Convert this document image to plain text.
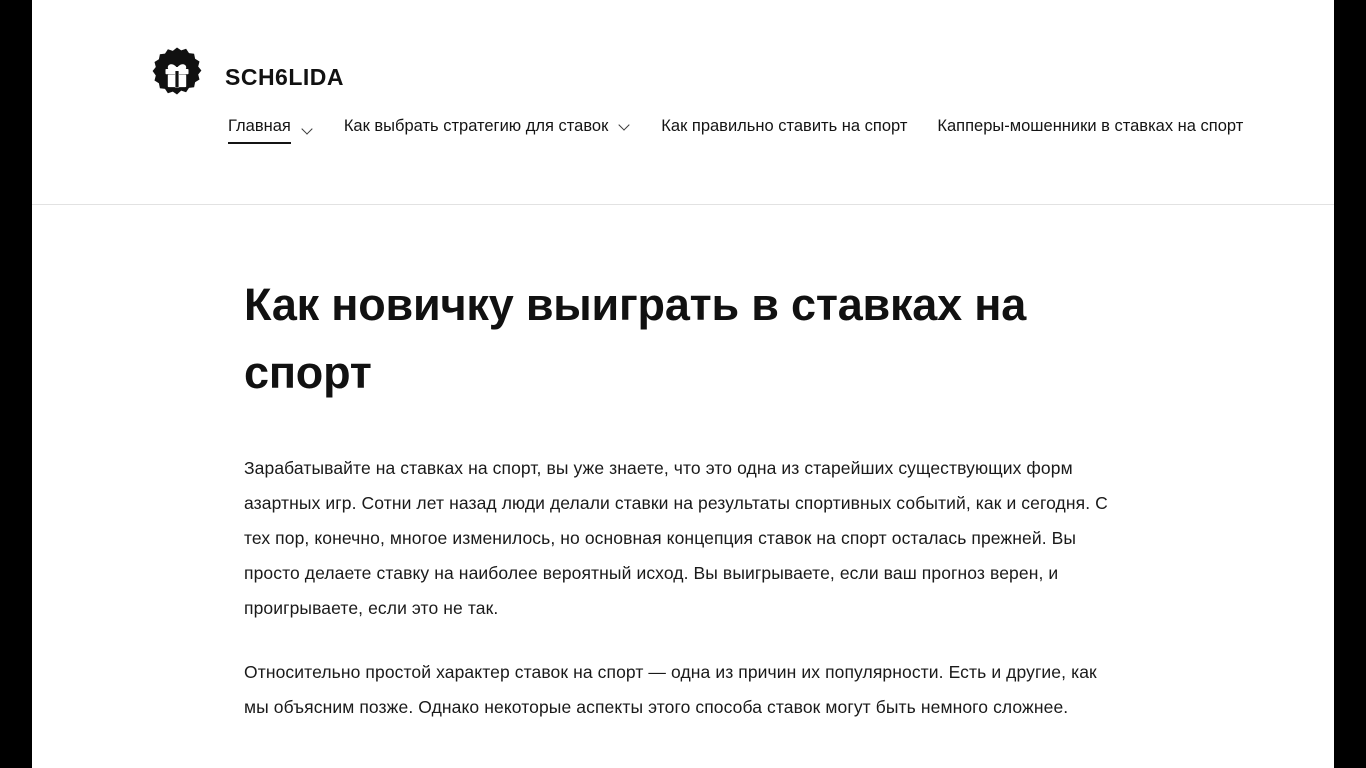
SCH6LIDA
Главная	Как выбрать стратегию для ставок	Как правильно ставить на спорт Капперы-мошенники в ставках на спорт
Как новичку выиграть в ставках на спорт

Зарабатывайте на ставках на спорт, вы уже знаете, что это одна из старейших существующих форм азартных игр. Сотни лет назад люди делали ставки на результаты спортивных событий, как и сегодня. С тех пор, конечно, многое изменилось, но основная концепция ставок на спорт осталась прежней. Вы просто делаете ставку на наиболее вероятный исход. Вы выигрываете, если ваш прогноз верен, и проигрываете, если это не так.

Относительно простой характер ставок на спорт — одна из причин их популярности. Есть и другие, как мы объясним позже. Однако некоторые аспекты этого способа ставок могут быть немного сложнее.
